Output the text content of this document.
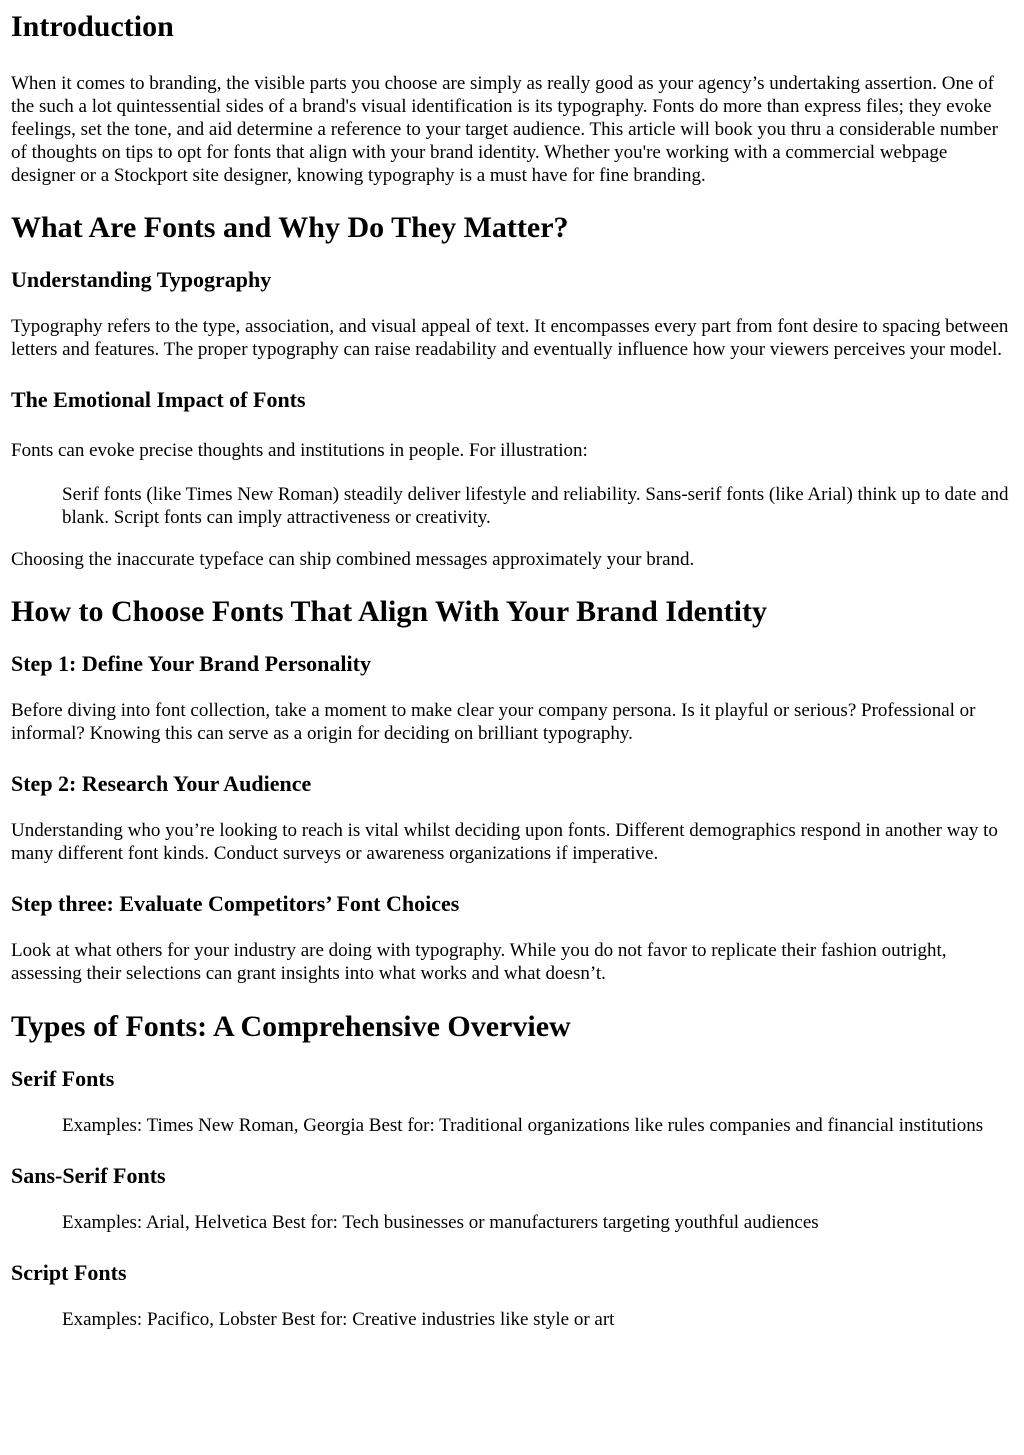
Introduction

When it comes to branding, the visible parts you choose are simply as really good as your agency’s undertaking assertion. One of the such a lot quintessential sides of a brand's visual identification is its typography. Fonts do more than express files; they evoke feelings, set the tone, and aid determine a reference to your target audience. This article will book you thru a considerable number of thoughts on tips to opt for fonts that align with your brand identity. Whether you're working with a commercial webpage designer or a Stockport site designer, knowing typography is a must have for fine branding.

What Are Fonts and Why Do They Matter?
Understanding Typography

Typography refers to the type, association, and visual appeal of text. It encompasses every part from font desire to spacing between letters and features. The proper typography can raise readability and eventually influence how your viewers perceives your model.

The Emotional Impact of Fonts

Fonts can evoke precise thoughts and institutions in people. For illustration:

Serif fonts (like Times New Roman) steadily deliver lifestyle and reliability. Sans-serif fonts (like Arial) think up to date and blank. Script fonts can imply attractiveness or creativity.

Choosing the inaccurate typeface can ship combined messages approximately your brand.

How to Choose Fonts That Align With Your Brand Identity
Step 1: Define Your Brand Personality

Before diving into font collection, take a moment to make clear your company persona. Is it playful or serious? Professional or informal? Knowing this can serve as a origin for deciding on brilliant typography.

Step 2: Research Your Audience

Understanding who you’re looking to reach is vital whilst deciding upon fonts. Different demographics respond in another way to many different font kinds. Conduct surveys or awareness organizations if imperative.

Step three: Evaluate Competitors’ Font Choices

Look at what others for your industry are doing with typography. While you do not favor to replicate their fashion outright, assessing their selections can grant insights into what works and what doesn’t.

Types of Fonts: A Comprehensive Overview
Serif Fonts
Examples: Times New Roman, Georgia Best for: Traditional organizations like rules companies and financial institutions
Sans-Serif Fonts
Examples: Arial, Helvetica Best for: Tech businesses or manufacturers targeting youthful audiences
Script Fonts
Examples: Pacifico, Lobster Best for: Creative industries like style or art
